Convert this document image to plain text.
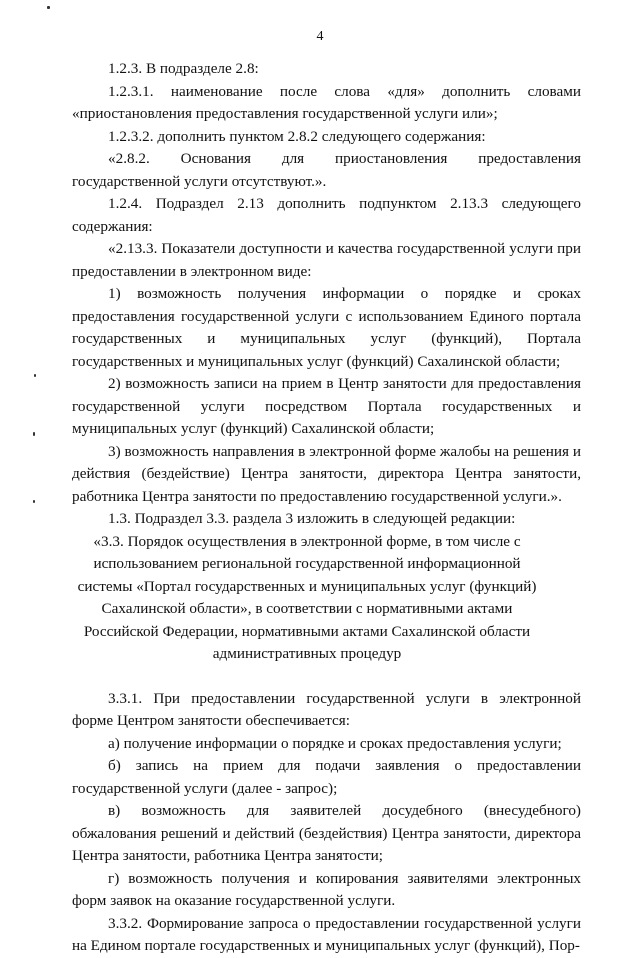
4

1.2.3. В подразделе 2.8:

1.2.3.1. наименование после слова «для» дополнить словами «приостановления предоставления государственной услуги или»;

1.2.3.2. дополнить пунктом 2.8.2 следующего содержания:

«2.8.2. Основания для приостановления предоставления государственной услуги отсутствуют.».

1.2.4. Подраздел 2.13 дополнить подпунктом 2.13.3 следующего содержания:

«2.13.3. Показатели доступности и качества государственной услуги при предоставлении в электронном виде:

1) возможность получения информации о порядке и сроках предоставления государственной услуги с использованием Единого портала государственных и муниципальных услуг (функций), Портала государственных и муниципальных услуг (функций) Сахалинской области;

2) возможность записи на прием в Центр занятости для предоставления государственной услуги посредством Портала государственных и муниципальных услуг (функций) Сахалинской области;

3) возможность направления в электронной форме жалобы на решения и действия (бездействие) Центра занятости, директора Центра занятости, работника Центра занятости по предоставлению государственной услуги.».

1.3. Подраздел 3.3. раздела 3 изложить в следующей редакции:

«3.3. Порядок осуществления в электронной форме, в том числе с использованием региональной государственной информационной системы «Портал государственных и муниципальных услуг (функций) Сахалинской области», в соответствии с нормативными актами Российской Федерации, нормативными актами Сахалинской области административных процедур

3.3.1. При предоставлении государственной услуги в электронной форме Центром занятости обеспечивается:

а) получение информации о порядке и сроках предоставления услуги;

б) запись на прием для подачи заявления о предоставлении государственной услуги (далее - запрос);

в) возможность для заявителей досудебного (внесудебного) обжалования решений и действий (бездействия) Центра занятости, директора Центра занятости, работника Центра занятости;

г) возможность получения и копирования заявителями электронных форм заявок на оказание государственной услуги.

3.3.2. Формирование запроса о предоставлении государственной услуги на Едином портале государственных и муниципальных услуг (функций), Пор-
